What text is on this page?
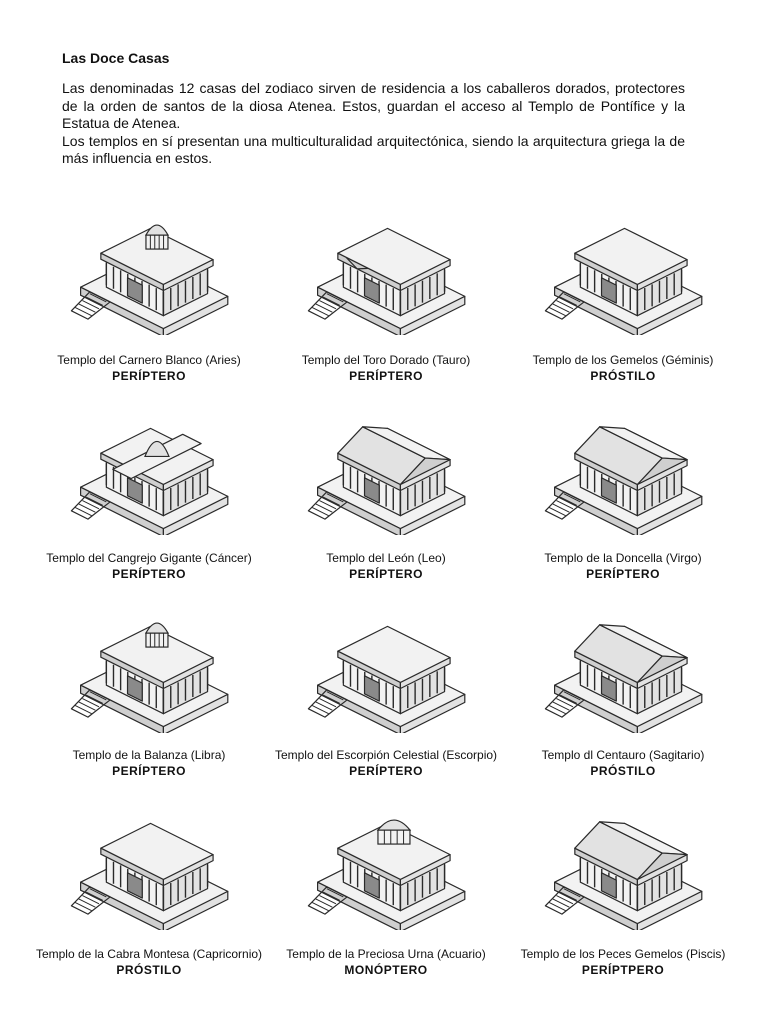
Las Doce Casas

Las denominadas 12 casas del zodiaco sirven de residencia a los caballeros dorados, protectores de la orden de santos de la diosa Atenea. Estos, guardan el acceso al Templo de Pontífice y la Estatua de Atenea.

Los templos en sí presentan una multiculturalidad arquitectónica, siendo la arquitectura griega la de más influencia en estos.

Templo del Carnero Blanco (Aries)
PERÍPTERO
Templo del Toro Dorado (Tauro)
PERÍPTERO
Templo de los Gemelos (Géminis)
PRÓSTILO
Templo del Cangrejo Gigante (Cáncer)
PERÍPTERO
Templo del León (Leo)
PERÍPTERO
Templo de la Doncella (Virgo)
PERÍPTERO
Templo de la Balanza (Libra)
PERÍPTERO
Templo del Escorpión Celestial (Escorpio)
PERÍPTERO
Templo dl Centauro (Sagitario)
PRÓSTILO
Templo de la Cabra Montesa (Capricornio)
PRÓSTILO
Templo de la Preciosa Urna (Acuario)
MONÓPTERO
Templo de los Peces Gemelos (Piscis)
PERÍPTPERO
